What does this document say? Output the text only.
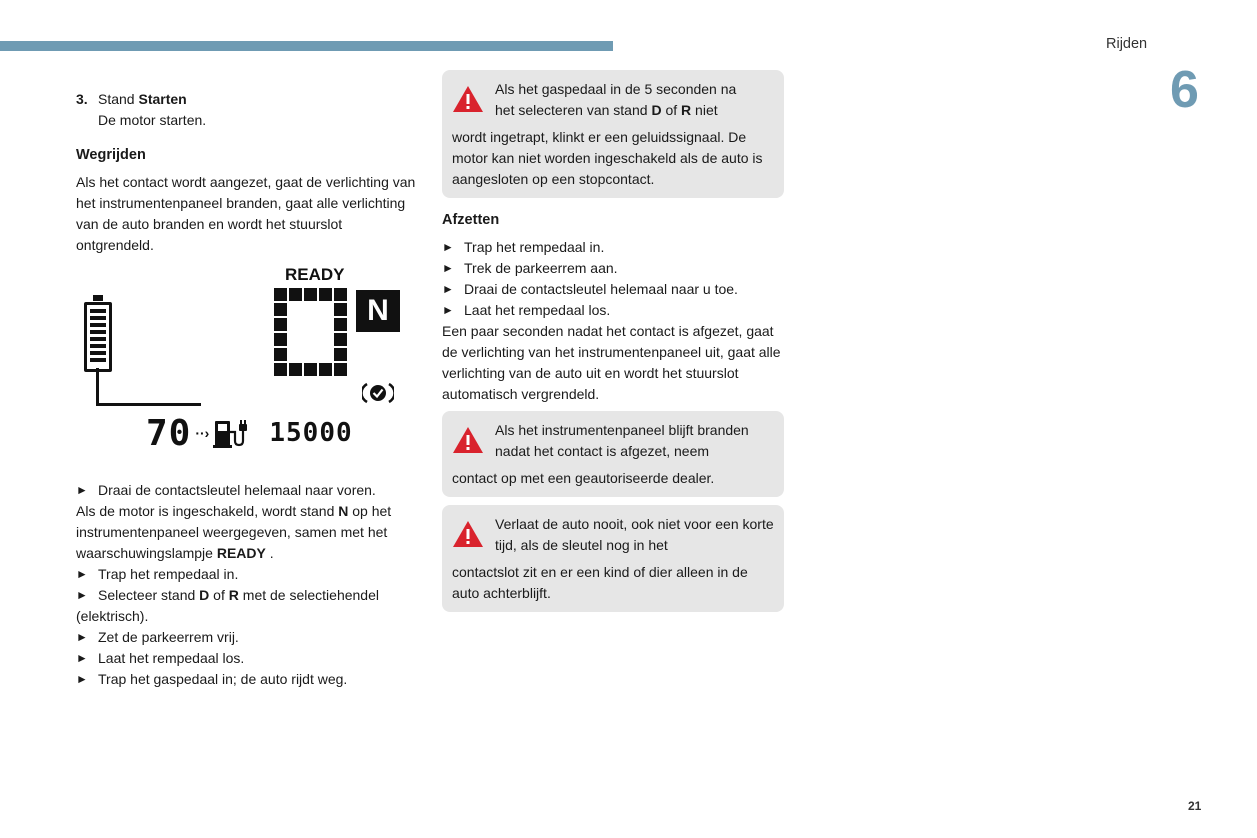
Rijden
6
3. Stand Starten

De motor starten.

Wegrijden

Als het contact wordt aangezet, gaat de verlichting van het instrumentenpaneel branden, gaat alle verlichting van de auto branden en wordt het stuurslot ontgrendeld.

READY
N
70 ··› 15000
► Draai de contactsleutel helemaal naar voren.

Als de motor is ingeschakeld, wordt stand N op het instrumentenpaneel weergegeven, samen met het waarschuwingslampje READY .

► Trap het rempedaal in.
► Selecteer stand D of R met de selectiehendel

(elektrisch).

► Zet de parkeerrem vrij.
► Laat het rempedaal los.
► Trap het gaspedaal in; de auto rijdt weg.

Als het gaspedaal in de 5 seconden na

het selecteren van stand D of R niet

wordt ingetrapt, klinkt er een geluidssignaal. De motor kan niet worden ingeschakeld als de auto is aangesloten op een stopcontact.

Afzetten
► Trap het rempedaal in.
► Trek de parkeerrem aan.
► Draai de contactsleutel helemaal naar u toe.
► Laat het rempedaal los.

Een paar seconden nadat het contact is afgezet, gaat de verlichting van het instrumentenpaneel uit, gaat alle verlichting van de auto uit en wordt het stuurslot automatisch vergrendeld.

Als het instrumentenpaneel blijft branden nadat het contact is afgezet, neem

contact op met een geautoriseerde dealer.

Verlaat de auto nooit, ook niet voor een korte tijd, als de sleutel nog in het

contactslot zit en er een kind of dier alleen in de auto achterblijft.

21
